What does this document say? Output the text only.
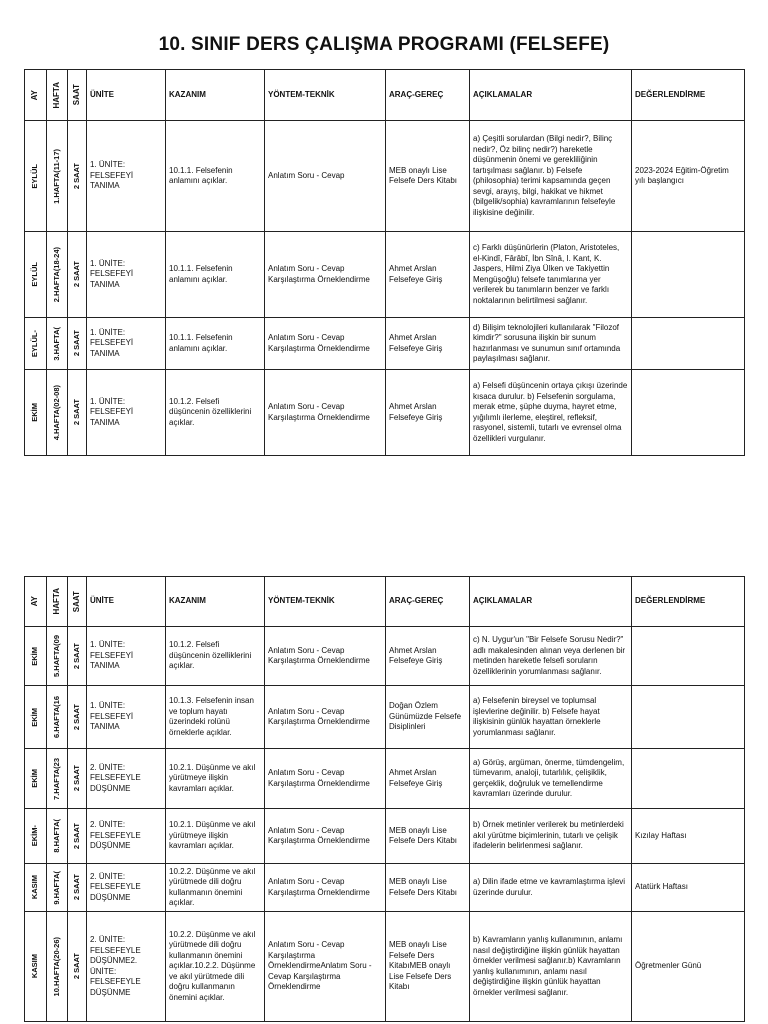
10. SINIF DERS ÇALIŞMA PROGRAMI (FELSEFE)
AY	HAFTA	SAAT	ÜNİTE	KAZANIM	YÖNTEM-TEKNİK	ARAÇ-GEREÇ	AÇIKLAMALAR	DEĞERLENDİRME

EYLÜL	1.HAFTA(11-17)	2 SAAT	1. ÜNİTE: FELSEFEYİ TANIMA	10.1.1. Felsefenin anlamını açıklar.	Anlatım Soru - Cevap	MEB onaylı Lise Felsefe Ders Kitabı	a) Çeşitli sorulardan (Bilgi nedir?, Bilinç nedir?, Öz bilinç nedir?) hareketle düşünmenin önemi ve gerekliliğinin tartışılması sağlanır. b) Felsefe (philosophia) terimi kapsamında geçen sevgi, arayış, bilgi, hakikat ve hikmet (bilgelik/sophia) kavramlarının felsefeyle ilişkisine değinilir.	2023-2024 Eğitim-Öğretim yılı başlangıcı

EYLÜL	2.HAFTA(18-24)	2 SAAT	1. ÜNİTE: FELSEFEYİ TANIMA	10.1.1. Felsefenin anlamını açıklar.	Anlatım Soru - Cevap Karşılaştırma Örneklendirme	Ahmet Arslan Felsefeye Giriş	c) Farklı düşünürlerin (Platon, Aristoteles, el-Kindî, Fârâbî, İbn Sînâ, I. Kant, K. Jaspers, Hilmi Ziya Ülken ve Takiyettin Mengüşoğlu) felsefe tanımlarına yer verilerek bu tanımların benzer ve farklı noktalarının belirtilmesi sağlanır.	

EYLÜL-	3.HAFTA(	2 SAAT	1. ÜNİTE: FELSEFEYİ TANIMA	10.1.1. Felsefenin anlamını açıklar.	Anlatım Soru - Cevap Karşılaştırma Örneklendirme	Ahmet Arslan Felsefeye Giriş	d) Bilişim teknolojileri kullanılarak "Filozof kimdir?" sorusuna ilişkin bir sunum hazırlanması ve sunumun sınıf ortamında paylaşılması sağlanır.	

EKİM	4.HAFTA(02-08)	2 SAAT	1. ÜNİTE: FELSEFEYİ TANIMA	10.1.2. Felsefi düşüncenin özelliklerini açıklar.	Anlatım Soru - Cevap Karşılaştırma Örneklendirme	Ahmet Arslan Felsefeye Giriş	a) Felsefi düşüncenin ortaya çıkışı üzerinde kısaca durulur. b) Felsefenin sorgulama, merak etme, şüphe duyma, hayret etme, yığılımlı ilerleme, eleştirel, refleksif, rasyonel, sistemli, tutarlı ve evrensel olma özellikleri vurgulanır.	
AY	HAFTA	SAAT	ÜNİTE	KAZANIM	YÖNTEM-TEKNİK	ARAÇ-GEREÇ	AÇIKLAMALAR	DEĞERLENDİRME

EKİM	5.HAFTA(09	2 SAAT	1. ÜNİTE: FELSEFEYİ TANIMA	10.1.2. Felsefi düşüncenin özelliklerini açıklar.	Anlatım Soru - Cevap Karşılaştırma Örneklendirme	Ahmet Arslan Felsefeye Giriş	c) N. Uygur'un "Bir Felsefe Sorusu Nedir?" adlı makalesinden alınan veya derlenen bir metinden hareketle felsefi soruların özelliklerinin yorumlanması sağlanır.	

EKİM	6.HAFTA(16	2 SAAT	1. ÜNİTE: FELSEFEYİ TANIMA	10.1.3. Felsefenin insan ve toplum hayatı üzerindeki rolünü örneklerle açıklar.	Anlatım Soru - Cevap Karşılaştırma Örneklendirme	Doğan Özlem Günümüzde Felsefe Disiplinleri	a) Felsefenin bireysel ve toplumsal işlevlerine değinilir. b) Felsefe hayat ilişkisinin günlük hayattan örneklerle yorumlanması sağlanır.	

EKİM	7.HAFTA(23	2 SAAT	2. ÜNİTE: FELSEFEYLE DÜŞÜNME	10.2.1. Düşünme ve akıl yürütmeye ilişkin kavramları açıklar.	Anlatım Soru - Cevap Karşılaştırma Örneklendirme	Ahmet Arslan Felsefeye Giriş	a) Görüş, argüman, önerme, tümdengelim, tümevarım, analoji, tutarlılık, çelişiklik, gerçeklik, doğruluk ve temellendirme kavramları üzerinde durulur.	

EKİM-	8.HAFTA(	2 SAAT	2. ÜNİTE: FELSEFEYLE DÜŞÜNME	10.2.1. Düşünme ve akıl yürütmeye ilişkin kavramları açıklar.	Anlatım Soru - Cevap Karşılaştırma Örneklendirme	MEB onaylı Lise Felsefe Ders Kitabı	b) Örnek metinler verilerek bu metinlerdeki akıl yürütme biçimlerinin, tutarlı ve çelişik ifadelerin belirlenmesi sağlanır.	Kızılay Haftası

KASIM	9.HAFTA(	2 SAAT	2. ÜNİTE: FELSEFEYLE DÜŞÜNME	10.2.2. Düşünme ve akıl yürütmede dili doğru kullanmanın önemini açıklar.	Anlatım Soru - Cevap Karşılaştırma Örneklendirme	MEB onaylı Lise Felsefe Ders Kitabı	a) Dilin ifade etme ve kavramlaştırma işlevi üzerinde durulur.	Atatürk Haftası

KASIM	10.HAFTA(20-26)	2 SAAT	2. ÜNİTE: FELSEFEYLE DÜŞÜNME2. ÜNİTE: FELSEFEYLE DÜŞÜNME	10.2.2. Düşünme ve akıl yürütmede dili doğru kullanmanın önemini açıklar.10.2.2. Düşünme ve akıl yürütmede dili doğru kullanmanın önemini açıklar.	Anlatım Soru - Cevap Karşılaştırma ÖrneklendirmeAnlatım Soru - Cevap Karşılaştırma Örneklendirme	MEB onaylı Lise Felsefe Ders KitabıMEB onaylı Lise Felsefe Ders Kitabı	b) Kavramların yanlış kullanımının, anlamı nasıl değiştirdiğine ilişkin günlük hayattan örnekler verilmesi sağlanır.b) Kavramların yanlış kullanımının, anlamı nasıl değiştirdiğine ilişkin günlük hayattan örnekler verilmesi sağlanır.	Öğretmenler Günü
